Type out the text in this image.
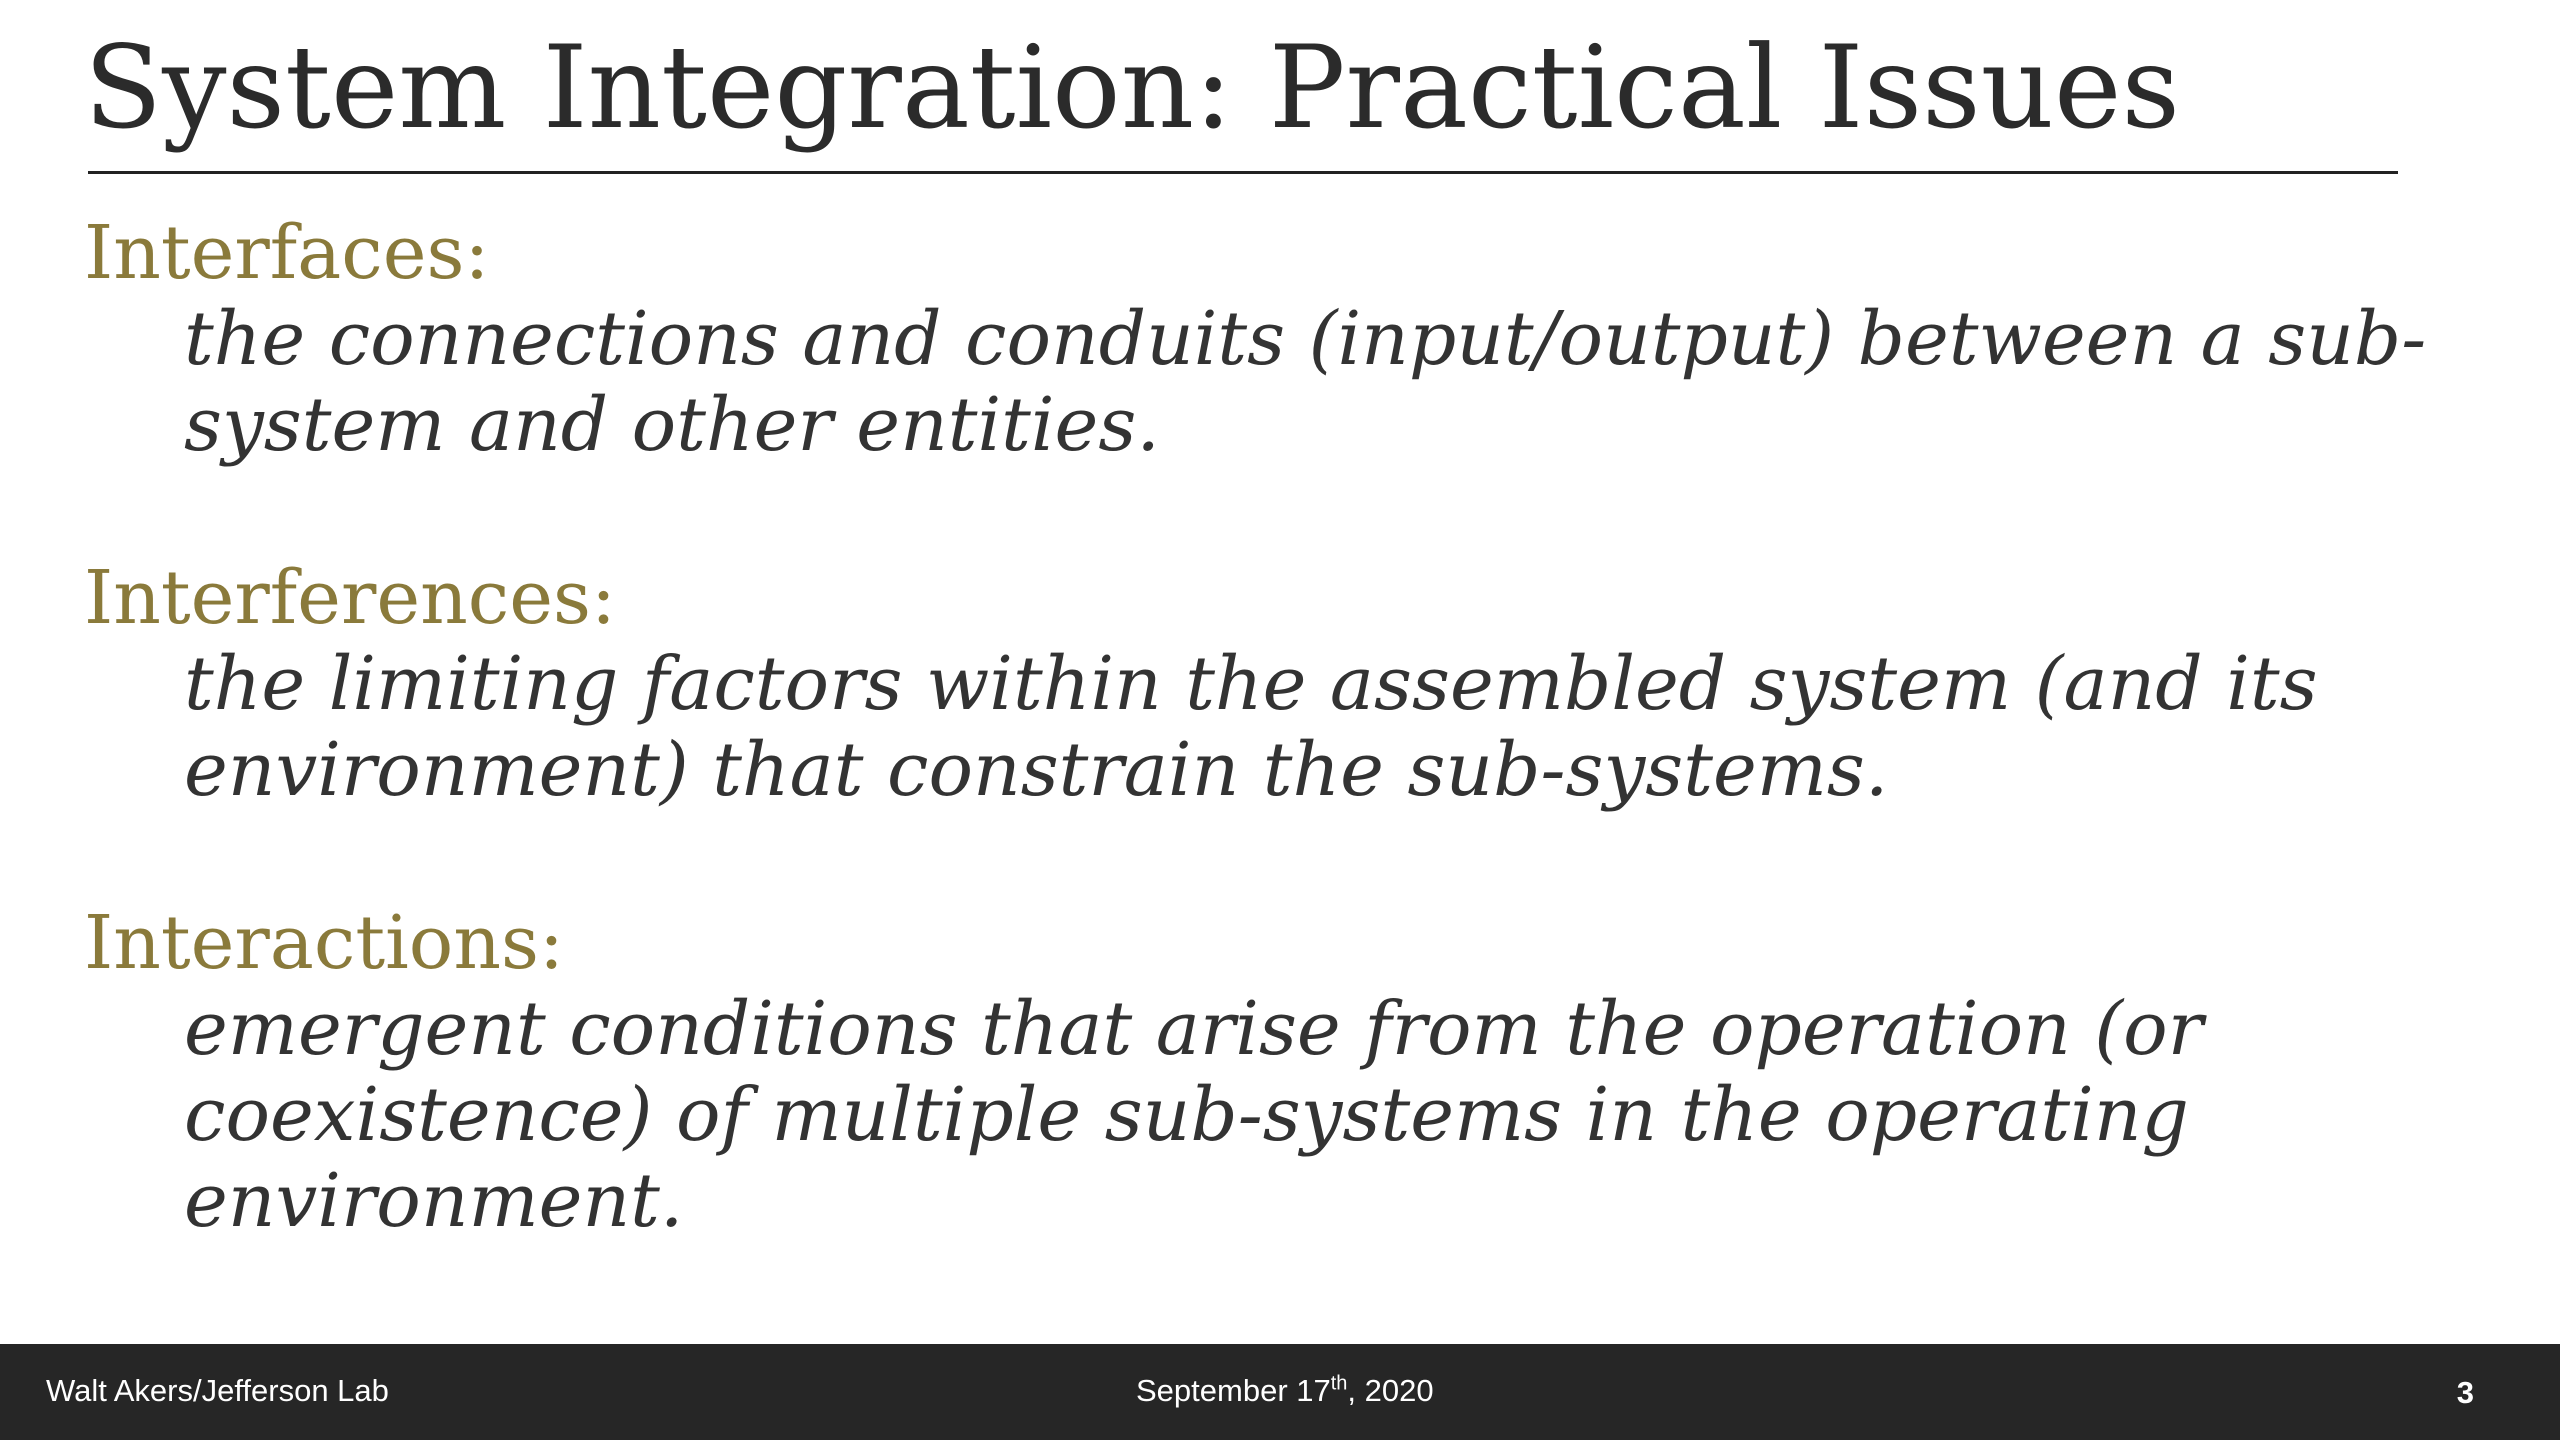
System Integration: Practical Issues
Interfaces:
the connections and conduits (input/output) between a sub-system and other entities.
Interferences:
the limiting factors within the assembled system (and its environment) that constrain the sub-systems.
Interactions:
emergent conditions that arise from the operation (or coexistence) of multiple sub-systems in the operating environment.
Walt Akers/Jefferson Lab	September 17th, 2020	3
